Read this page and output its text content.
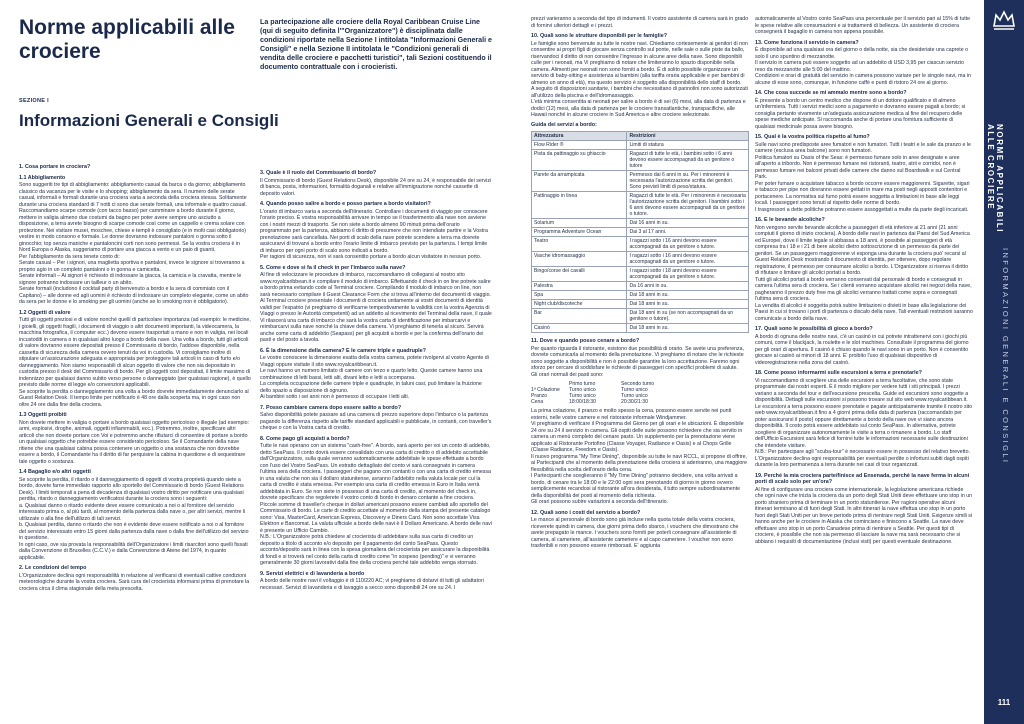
Norme applicabili alle crociere

La partecipazione alle crociere della Royal Caribbean Cruise Line (qui di seguito definita l'"Organizzatore") è disciplinata dalle condizioni riportate nella Sezione I intitolata "Informazioni Generali e Consigli" e nella Sezione II intitolata le "Condizioni generali di vendita delle crociere e pacchetti turistici", tali Sezioni costituendo il documento contrattuale con i crocieristi.

SEZIONE I
Informazioni Generali e Consigli
1. Cosa portare in crociera?
1.1 Abbigliamento

Sono suggeriti tre tipi di abbigliamento: abbigliamento casual da barca o da giorno; abbigliamento classico da vacanza per le visite e lo shopping; abbigliamento da sera. Il numero delle serate casual, informali e formali durante una crociera varia a seconda della crociera stessa. Solitamente durante una crociera standard di 7 notti ci sono due serate formali, una informale e quattro casual. Raccomandiamo scarpe comode (con tacco basso) per camminare a bordo durante il giorno, mettere in valigia almeno due costumi da bagno per poter avere sempre uno asciutto a disposizione, a terra avrete bisogno di scarpe comode così come un cappello e crema solare con protezione. Nei visitare musei, moschee, chiese e templi è consigliato (e in molti casi obbligatorio) vestire in modo consono e formale. Le donne dovranno indossare pantaloni o gonna sotto il ginocchio; top senza maniche e pantaloncini corti non sono permessi. Se la vostra crociera è in Nord Europa o Alaska, suggeriamo di portare una giacca a vento e un paio di guanti.
Per l'abbigliamento da sera tenete conto di:
Serate casual – Per i signori, una maglietta sportiva e pantaloni, invece le signore si troveranno a proprio agio in un completo pantaloni o in gonna e camicetta.
Serate informali – Ai signori è richiesto di indossare la giacca, la camicia e la cravatta, mentre le signore potranno indossare un tailleur o un abito.
Serate formali (includono il cocktail party di benvenuto a bordo e la sera di commiato con il Capitano) – alle donne ed agli uomini è richiesto di indossare un completo elegante, come un abito da sera per le donne e lo smoking per gli uomini (anche se lo smoking non è obbligatorio).

1.2 Oggetti di valore

Tutti gli oggetti preziosi e di valore nonché quelli di particolare importanza (ad esempio: le medicine, i gioielli, gli oggetti fragili, i documenti di viaggio o altri documenti importanti, la videocamera, la macchina fotografica, il computer ecc.) devono essere trasportati a mano e non in valigia, nei locali incustoditi in camera o in qualsiasi altro luogo a bordo della nave. Una volta a bordo, tutti gli articoli di valore dovranno essere depositati presso il Commissario di bordo, l'addove disponibile, nella cassetta di sicurezza della camera ovvero tenuti da voi in custodia. Vi consigliamo inoltre di stipulare un'assicurazione adeguata e appropriata per proteggere tali articoli in caso di furto e/o danneggiamento. Non siamo responsabili di alcun oggetto di valore che non sia depositato in custodia presso il desk del Commissario di bordo. Per gli oggetti così depositati, il limite massimo di indennizzo per qualsiasi danno subito verso persone o danneggiato (per qualsiasi ragione), è quello previsto dalle norme di legge e/o convenzioni applicabili.
Se scoprite la perdita o danneggiamento una volta a bordo dovrete immediatamente denunciarlo al Guest Relation Desk. Il tempo limite per notificarlo è 48 ore dalla scoperta ma, in ogni caso non oltre 24 ore dalla fine della crociera.

1.3 Oggetti proibiti

Non dovete mettere in valigia o portare a bordo qualsiasi oggetto pericoloso o illegale (ad esempio: armi, esplosivi, droghe, animali, oggetti infiammabili, ecc.). Potremmo, inoltre, specificare altri articoli che non dovete portare con Voi e potremmo anche rifiutarci di consentire di portare a bordo un qualsiasi oggetto che potrebbe essere considerato pericoloso. Se il Comandante della nave ritiene che una qualsiasi cabina possa contenere un oggetto o una sostanza che non dovrebbe essere a bordo, il Comandante ha il diritto di far perquisire la cabina in questione e di sequestrare tale oggetto o sostanza.

1.4 Bagaglio e/o altri oggetti

Se scoprite la perdita, il ritardo o il danneggiamento di oggetti di vostra proprietà quando siete a bordo, dovete farne immediato rapporto allo sportello del Commissario di bordo (Guest Relations Desk). I limiti temporali a pena di decadenza di qualsiasi vostro diritto per notificare una qualsiasi perdita, ritardo o danneggiamento verificatosi durante la crociera sono i seguenti:
a. Qualsiasi danno o ritardo evidente deve essere comunicato a noi o al fornitore del servizio interessato prima o, al più tardi, al momento della partenza dalla nave o, per altri servizi, mentre li utilizzate o alla fine dell'utilizzo di tali servizi.
b. Qualsiasi perdita, danno o ritardo che non è evidente deve essere notificato a noi o al fornitore del servizio interessato entro 15 giorni dalla partenza dalla nave o dalla fine dell'utilizzo del servizio in questione.
In ogni caso, ove sia provata la responsabilità dell'Organizzatore i limiti risarcitori sono quelli fissati dalla Convenzione di Bruxelles (C.C.V.) e dalla Convenzione di Atene del 1974, in quanto applicabile.

2. Le condizioni del tempo

L'Organizzatore declina ogni responsabilità in relazione al verificarsi di eventuali cattive condizioni meteorologiche durante la vostra crociera. Sarà cura del crocierista informarsi prima di prenotare la crociera circa il clima stagionale della meta prescelta.

3. Quale è il ruolo del Commissario di bordo?

Il Commissario di bordo (Guest Relations Desk), disponibile 24 ore su 24, è responsabile dei servizi di banca, posta, informazioni, formalità doganali e relative all'immigrazione nonché cassette di deposito valori.

4. Quando posso salire a bordo e posso partare a bordo visitatori?

L'orario di imbarco varia a seconda dell'itinerario. Controllare i documenti di viaggio per conoscere l'orario preciso. È vostra responsabilità arrivare in tempo se il trasferimento alla nave non avviene con i nostri mezzi di trasporto. Se non siete a bordo almeno 90 minuti prima dell'orario programmato per la partenza, abbiamo il diritto di presumere che non intendiate partire e la Vostra prenotazione sarà cancellata. Nei porti di scalo della nave potrete scendere a terra ma dovrete assicurarvi di trovarvi a bordo entro l'orario limite di imbarco previsto per la partenza. I tempi limite di imbarco per ogni porto di scalo sono indicati a bordo.
Per ragioni di sicurezza, non vi sarà consentito portare a bordo alcun visitatore in nessun porto.

5. Come e dove si fa il check in per l'imbarco sulla nave?

Al fine di velocizzare le procedure di imbarco, raccomandiamo di collegarsi al nostro sito www.royalcaribbean.it e compilare il modulo di imbarco. Effettuando il check in on line potrete salire a bordo prima evitando code al Terminal crociere. Compilando il modulo di imbarco on line, non sarà necessario compilare il Guest Clearance Form che si trova all'interno dei documenti di viaggio.
Al Terminal crociere presentate i documenti di crociera unitamente ai vostri documenti di identità validi per l'espatrio (vi preghiamo di verificarne tempestivamente la validità con la vostra Agenzia di Viaggi o presso le Autorità competenti) ad un addetto al ricevimento del Terminal della nave, il quale Vi rilascerà una carta di imbarco che sarà la vostra carta di identificazione per imbarcarvi e reimbarcarvi sulla nave nonché la chiave della camera. Vi preghiamo di tenerla al sicuro. Servirà anche come carta di addebito (Seapass) per gli acquisti a bordo e per la conferma dell'orario dei pasti e del posto a tavola.

6. È la dimensione della camera? E le camere triple e quadruple?

Le vostre conoscere la dimensione esatta della vostra camera, potete rivolgervi al vostro Agente di Viaggi oppure visitate il sito www.royalcaribbean.it.
Le navi hanno un numero limitato di camere con terzo e quarto letto. Queste camere hanno una combinazione di letti bassi, letti alti, divani letto e letti a scomparsa.
La completa occupazione delle camere triple e quadruple, in taluni casi, può limitare la fruizione dello spazio a disposizione di ognuno.
Ai bambini sotto i sei anni non è permesso di occupare i letti alti.

7. Posso cambiare camera dopo essere salito a bordo?

Salvo disponibilità potete passare ad una camera di prezzo superiore dopo l'imbarco o la partenza pagando la differenza rispetto alle tariffe standard applicabili e pubblicate, in contanti, con traveller's cheque o con la Vostra carta di credito.

8. Come pago gli acquisti a bordo?

Tutte le navi operano con un sistema "cash-free". A bordo, sarà aperto per voi un conto di addebito, detto SeaPass. Il conto dovrà essere convalidato con una carta di credito o di addebito accettabile dall'Organizzatore, sulla quale verranno automaticamente addebitate le spese effettuate a bordo con l'uso del Vostro SeaPass. Un estratto dettagliato del conto vi sarà consegnato in camera l'ultima sera della crociera. I passeggeri che pagano con contanti o con una carta di credito emessa in una valuta che non sia il dollaro statunitense, avranno l'addebito nella valuta locale per cui la carta di credito è stata emessa. Per esempio una carta di credito emessa in Euro in Italia verrà addebitata in Euro. Se non siete in possesso di una carta di credito, al momento del check in, dovrete specificare che regolerete il vostro conto di bordo in denaro contante a fine crociera. Piccole somme di traveller's cheque in dollari americani possono essere cambiati allo sportello del Commissario di bordo. Le carte di credito accettate al momento della stampa del presente catalogo sono: Visa, MasterCard, American Express, Discovery e Diners Card. Non sono accettate Visa Elektron e Bancomat. La valuta ufficiale a bordo delle navi è il Dollaro Americano. A bordo delle navi è presente un Ufficio Cambio.
N.B.: L'Organizzatore potrà chiedere al crocierista di addebitare sulla sua carta di credito un deposito a titolo di acconto e/o deposito per il pagamento del conto SeaPass. Questo acconto/deposito sarà in linea con la spesa giornaliera del crocierista per assicurare la disponibilità di fondi e si troverà nel conto della carta di credito come "in sospeso (pending)" e vi verranno generalmente 30 giorni lavorativi dalla fine della crociera perché tale addebito venga stornato.

9. Servizi elettrici e di lavanderia a bordo

A bordo delle nostre navi il voltaggio è di 110/220 AC; vi preghiamo di dotarvi di tutti gli adattatori necessari. Servizi di lavanderia e di lavaggio a secco sono disponibili 24 ore su 24. I

prezzi varieranno a seconda del tipo di indumenti. Il vostro assistente di camera sarà in grado di fornirvi ulteriori dettagli e i prezzi.

10. Quali sono le strutture disponibili per le famiglie?

Le famiglie sono benvenute su tutte le nostre navi. Chiediamo cortesemente ai genitori di non consentire ai propri figli di giocare senza controllo sul ponte, nelle sale o sulle piste da ballo, riservandoci il diritto di non consentire l'ingresso in alcune aree della nave. Sono disponibili culle per i neonati, ma Vi preghiamo di notare che limiteranno lo spazio disponibile nella camera. Alimenti per neonati non sono forniti a bordo. È di solito possibile organizzare un servizio di baby-sitting e assistenza ai bambini (alla tariffa oraria applicabile e per bambini di almeno un anno di età), ma questo servizio è soggetto alla disponibilità dello staff di bordo.
A seguito di disposizioni sanitarie, i bambini che necessitano di pannolini non sono autorizzati all'utilizzo della piscina e dell'idromassaggio.
L'età minima consentita ai neonati per salire a bordo è di sei (6) mesi, alla data di partenza e dodici (12) mesi, alla data di partenza per le crociere transatlantiche, transpacifiche, alle Hawaii nonché in alcune crociere in Sud America e altre crociere selezionate.

Guida dei servizi a bordo:
Attrezzatura	Restrizioni
Flow Rider ®	Limiti di statura
Pista da pattinaggio su ghiaccio	Ragazzi di tutte le età, i bambini sotto i 6 anni devono essere accompagnati da un genitore o tutore
Parete da arrampicata	Permesso dai 6 anni in su. Per i minorenni è necessaria l'autorizzazione scritta dei genitori. Sono previsti limiti di peso/statura.
Pattinaggio in linea	Ragazzi di tutte le età. Per i minorenni è necessaria l'autorizzazione scritta dei genitori. I bambini sotto i 6 anni devono essere accompagnati da un genitore o tutore.
Solarium	Dai 16 anni in su.
Programma Adventure Ocean	Dai 3 al 17 anni.
Teatro	I ragazzi sotto i 16 anni devono essere accompagnati da un genitore o tutore.
Vasche idromassaggio	I ragazzi sotto i 16 anni devono essere accompagnati da un genitore o tutore.
Bingo/corse dei cavalli	I ragazzi sotto i 18 anni devono essere accompagnati da un genitore o tutore.
Palestra	Da 16 anni in su.
Spa	Dai 18 anni in su.
Night club/discoteche	Dai 18 anni in su.
Bar	Dai 18 anni in su (se non accompagnati da un genitore o tutore).
Casinò	Dai 18 anni in su.
11. Dove e quando posso cenare a bordo?

Per quanto riguarda il ristorante, esistono due possibilità di orario. Se avete una preferenza, dovrete comunicarla al momento della prenotazione. Vi preghiamo di notare che le richieste sono soggette a disponibilità e non è possibile garantire la loro accettazione. Faremo ogni sforzo per cercare di soddisfare le richieste di passeggeri con specifici problemi di salute.
Gli orari normali dei pasti sono:

Primo turno	Secondo turno
1ª Colazione	Turno unico	Turno unico
Pranzo	Turno unico	Turno unico
Cena	18:00/18:30	20:30/21:30

La prima colazione, il pranzo e molto spesso la cena, possono essere servite nei punti esterni, nelle vostre camere e nel ristorante informale Windjammer.
Vi preghiamo di verificare il Programma del Giorno per gli orari e le ubicazioni. È disponibile 24 ore su 24 il servizio in camera. Gli ospiti delle suite possono richiedere che sia servito in camera un menù completo del cenare pasto. Un supplemento per la prenotazione viene applicato al Ristorante Portofino (Classe Voyager, Radiance e Oasis) e al Chops Grille (Classe Radiance, Freedom e Oasis).
Il nuovo programma "My Time Dining", disponibile su tutte le navi RCCL, si propone di offrire, ai Partecipanti che al momento della prenotazione della crociera si aderiranno, una maggiore flessibilità nella scelta dell'orario della cena.
I Partecipanti che sceglieranno il "My Time Dining" potranno decidere, una volta arrivati a bordo, di cenare tra le 18:00 e le 22:00 ogni sera prenotando di giorno in giorno ovvero semplicemente recandosi al ristorante all'ora desiderata, il tutto sempre subordinatamente della disponibilità dei posti al momento della richiesta.
Gli orari possono subire variazioni a seconda dell'itinerario.

12. Quali sono i costi del servizio a bordo?

Le mance al personale di bordo sono già incluse nella quota totale della vostra crociera, riceverete quindi in camera, due giorni prima dello sbarco, i vouchers che dimostrano che avete prepagato le mance. I vouchers sono forniti per poterli consegnare all'assistente di camera, al cameriere, all'assistente cameriere e al capo cameriere. I voucher non sono trasferibili e non possono essere rimborsati. E' aggiunta

automaticamente al Vostro conto SeaPass una percentuale per il servizio pari al 15% di tutte le spese relative alle consumazioni e ai trattamenti di bellezza. Un assistente di crociera consegnerà il bagaglio in camera non appena possibile.

13. Come funziona il servizio in camera?

È disponibile ad una qualsiasi ora del giorno o della notte, sia che desideriate una caprete o solo il uno spuntino di mezzanotte.
Il servizio in camera può essere soggetto ad un addebito di USD 3,95 per ciascun servizio reso da mezzanotte alle 5:00 del mattino.
Condizioni e orari di gratuità del servizio in camera possono variare per le singole navi, ma in alcune di esse sono, comunque, in funzione caffè e punti di ristoro 24 ore al giorno.

14. Che cosa succede se mi ammalo mentre sono a bordo?

È presente a bordo un centro medico che dispone di un dottore qualificato e di almeno un'infermiera. Tutti i servizi medici sono a pagamento e dovranno essere pagati a bordo; si consiglia pertanto vivamente un'adeguata assicurazione medica al fine del recupero delle spese mediche anticipate. Si raccomanda anche di portare una fornitura sufficiente di qualsiasi medicinale possa avere bisogno.

15. Qual è la vostra politica rispetto al fumo?

Sulle navi sono predisposte aree fumatori e non fumatori. Tutti i teatri e le sale da pranzo e le camere (esclusa area balcone) sono non fumatori.
Politica fumatori su Oasis of the Seas: è permesso fumare solo in aree designate e aree all'aperto a tribordo. Non è permesso fumare nei ristoranti, teatro, atrii e corridoi, non è permesso fumare nei balconi privati delle camere che danno sul Boardwalk e sul Central Park.
Per poter fumare o acquistare tabacco a bordo occorre essere maggiorenni. Sigarette, sigari e tabacco per pipe non dovranno essere gettati in mare ma posti negli appositi contenitori e portacenere. La normativa sul fumo potrà essere soggetta a limitazioni in base alle leggi locali. I passeggeri sono tenuti al rispetto delle norme di bordo.
I trasgressori a dette politiche potranno essere assoggettati a multe da parte degli incaricati.

16. E le bevande alcoliche?

Non vengono servite bevande alcoliche a passeggeri di età inferiore ai 21 anni (21 anni compiuti il giorno di inizio crociera). A bordo delle navi in partenza dai Paesi del Sud America ed Europei, dove il limite legale si abbassa a 18 anni, è possibile ai passeggeri di età compresa tra i 18 e i 21 di bere alcolici dietro sottoscrizione di un permesso da parte dei genitori. Se un passeggero maggiorenne vi esponga una durante la crociera può' recarsi al Guest Relation Desk mostrando il documento di identità, per ottenere, dopo regolare registrazione, il permesso per consumare alcolici a bordo. L'Organizzatore si riserva il diritto di rifiutare o limitare gli alcolici portati a bordo.
Tutti gli alcolici portati a bordo verranno conservati dal personale di bordo e consegnati in camera l'ultima sera di crociera. Se i clienti vorranno acquistare alcolici nei negozi della nave, pagheranno il prezzo duty free ma gli alcolici verranno trattati come sopra e consegnati l'ultima sera di crociera.
La vendita di alcolici è soggetta potrà subire limitazioni o divieti in base alla legislazione dei Paesi in cui si trovano i porti di partenza o discalo della nave. Tali eventuali restrizioni saranno comunicate a bordo della nave.

17. Quali sono le possibilità di gioco a bordo?

A bordo di ognuna delle nostre navi, c'è un casinò in cui potrete intrattenervi con i giochi più comuni, come il blackjack, la roulette e le slot machines. Consultate il programma del giorno per gli orari di apertura. Il casinò è chiuso quando le navi sono in un porto. Non è consentito giocare ai casinò ai minori di 18 anni. E' proibito l'uso di qualsiasi dispositivo di videoregistrazione nella zona del casinò.

18. Come posso informarmi sulle escursioni a terra e prenotarle?

Vi raccomandiamo di scegliere una delle escursioni a terra facoltative, che sono state programmate dai nostri esperti. È il modo migliore per vedere tutti i siti principali. I prezzi variano a seconda del tour e dell'escursione prescelta. Guide ed escursioni sono soggette a disponibilità. Dettagli sulle escursioni si possono trovare sul sito web www.royalcaribbean.it.
Le escursioni a terra possono essere prenotate e pagate anticipatamente tramite il nostro sito web www.royalcaribbean.it fino a 4 giorni prima della data di partenza (raccomandato per poter assicurarsi il posto) oppure direttamente a bordo della nave ove vi siano ancora disponibilità. Il costo potrà essere addebitato sul conto SeaPass. In alternativa, potrete scegliere di organizzare autonomamente le visite a terra o rimanere a bordo. Lo staff dell'Ufficio Escursioni sarà felice di fornirvi tutte le informazioni necessarie sulle destinazioni che intendete visitare.
N.B.: Per partecipare agli "scuba-tour" è necessario essere in possesso del relativo brevetto. L'Organizzatore declina ogni responsabilità per eventuali perdite o infortuni subiti dagli ospiti durante la loro permanenza a terra durante nei casi di tour organizzati.

19. Perché la mia crociera parte/finisce ad Ensenada, perché la nave ferma in alcuni porti di scalo solo per un'ora?

Al fine di configurare una crociera come internazionale, la legislazione americana richiede che ogni nave che inizia la crociera da un porto degli Stati Uniti deve effettuare uno stop in un porto straniero prima di terminare in un porto statunitense. Per ragioni operative alcuni itinerari terminano al di fuori degli Stati. In altri itinerari la nave effettua uno stop in un porto fuori degli Stati Uniti per un breve periodo prima di rientrare negli Stati Uniti. Esigenze simili si hanno anche per le crociere in Alaska che cominciano e finiscono a Seattle. La nave deve effettuare uno stop in un porto Canadese prima di rientrare a Seattle. Per questi tipi di crociere, è possibile che non sia permesso di lasciare la nave ma sarà necessario che si abbiano i requisiti di documentazione (inclusi visti) per questi eventuale destinazione.

NORME APPLICABILI
ALLE CROCIERE
INFORMAZIONI GENERALI E CONSIGLI
111
